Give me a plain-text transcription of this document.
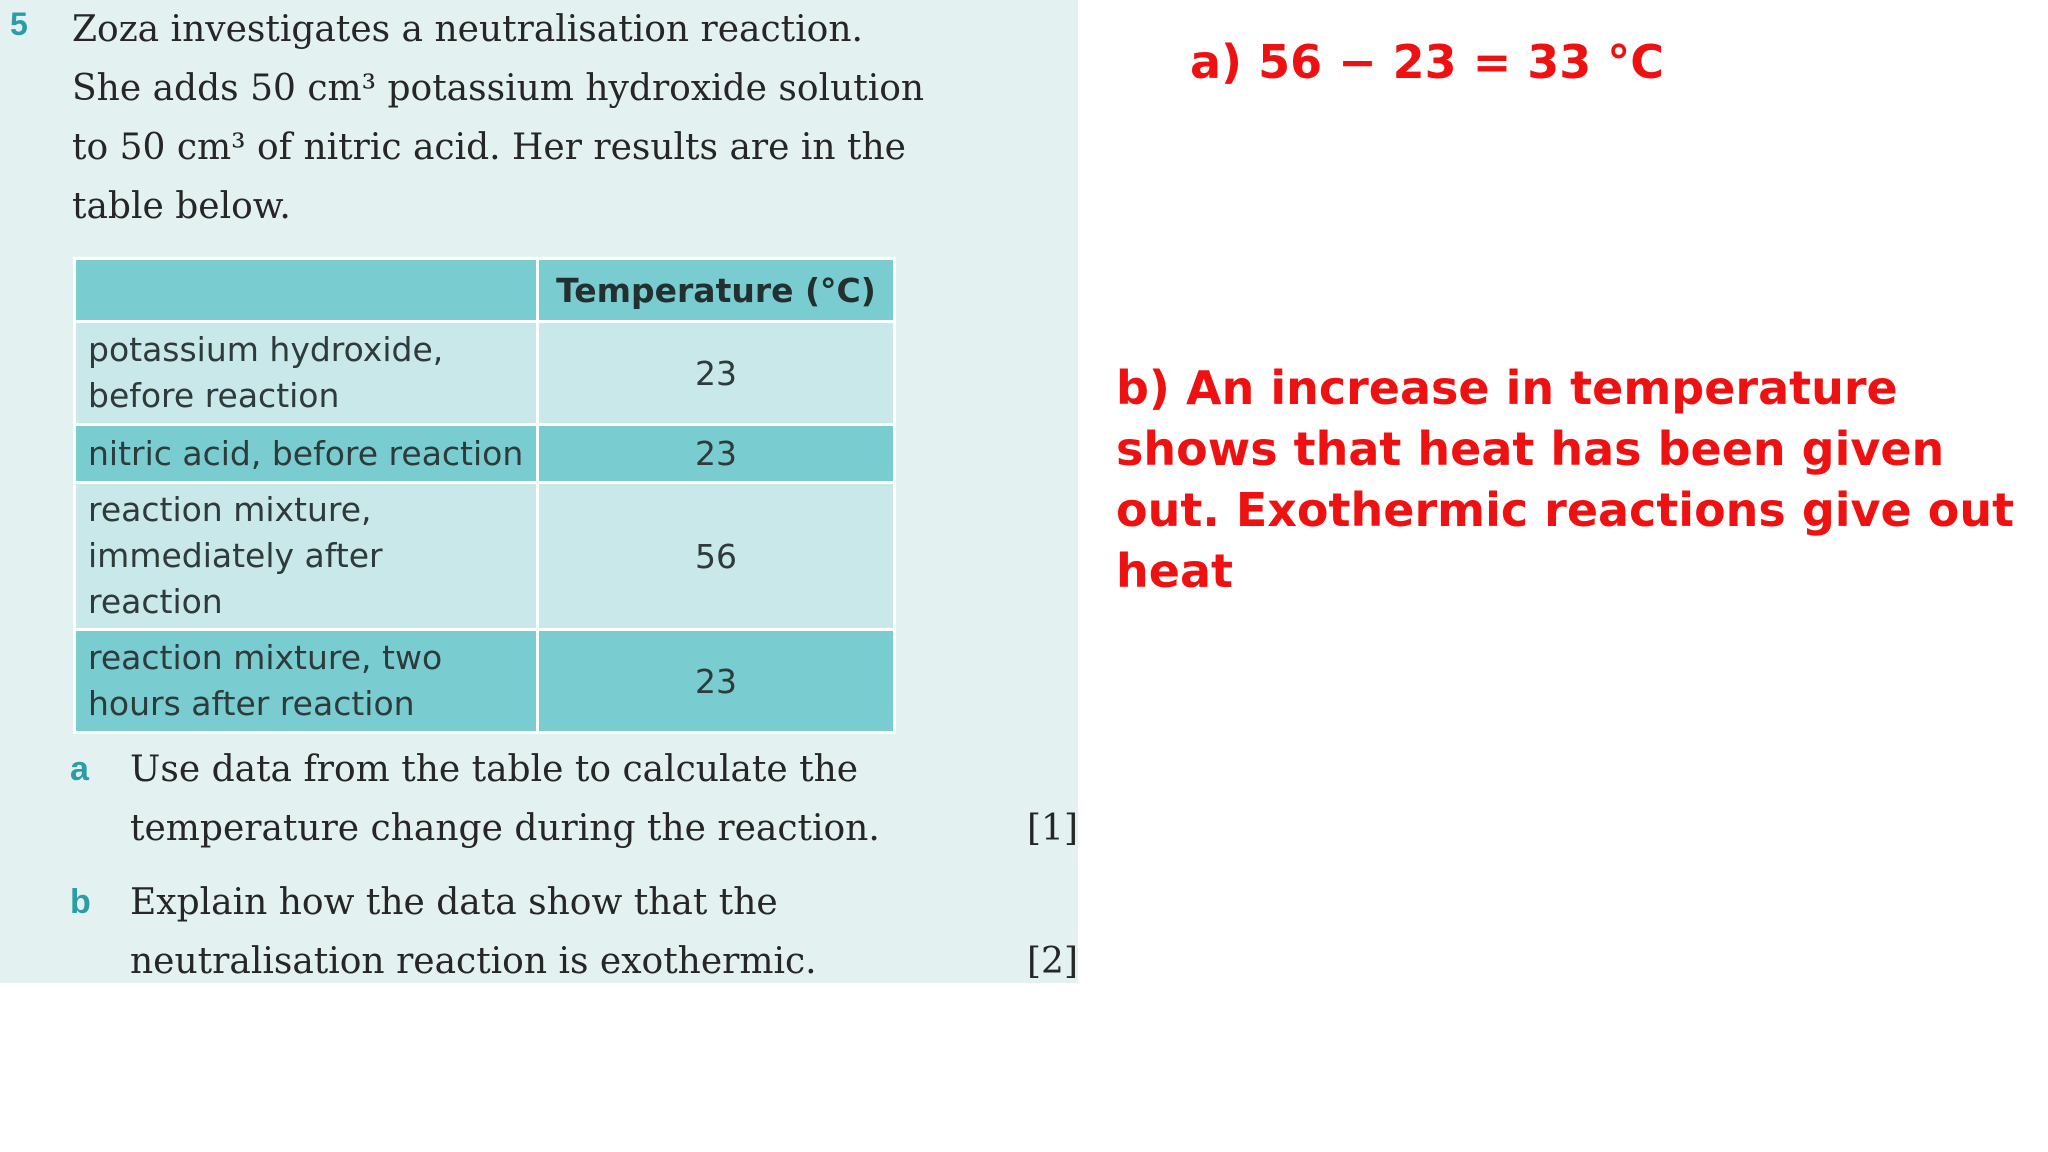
5 Zoza investigates a neutralisation reaction.
She adds 50 cm³ potassium hydroxide solution
to 50 cm³ of nitric acid. Her results are in the
table below.
	Temperature (°C)
potassium hydroxide,
before reaction	23
nitric acid, before reaction	23
reaction mixture,
immediately after reaction	56
reaction mixture, two
hours after reaction	23
a Use data from the table to calculate the
temperature change during the reaction.	[1]
b Explain how the data show that the
neutralisation reaction is exothermic.	[2]
a) 56 − 23 = 33 °C
b) An increase in temperature
shows that heat has been given
out. Exothermic reactions give out
heat
